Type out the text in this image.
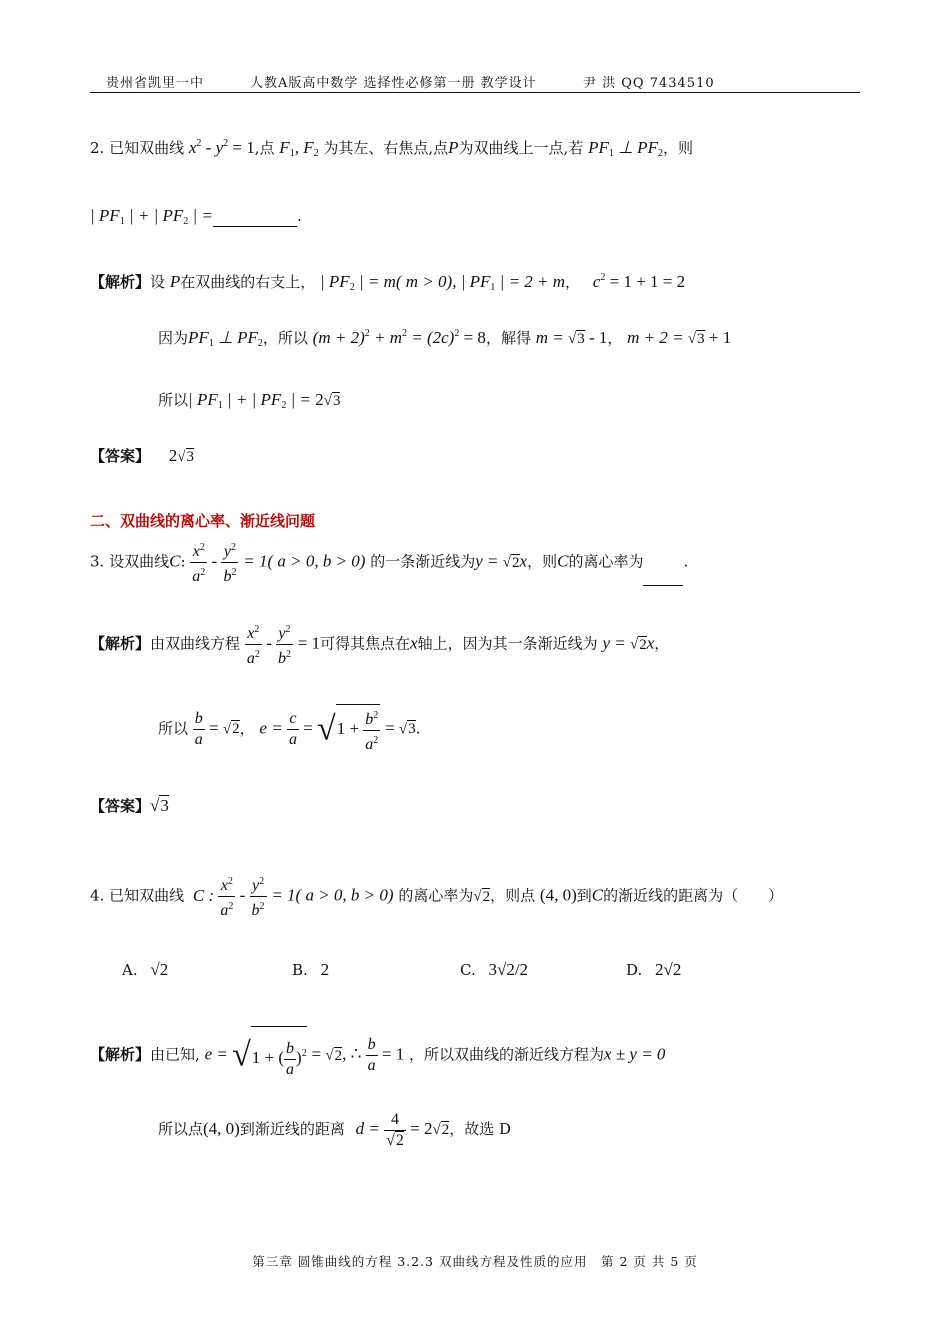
贵州省凯里一中	人教A版高中数学 选择性必修第一册 教学设计	尹 洪 QQ 7434510
2. 已知双曲线 $x^2 - y^2 = 1$,点 $F_1$, $F_2$ 为其左、右焦点,点P为双曲线上一点,若 $PF_1$ ⊥ $PF_2$，则
| $PF_1$ | + | $PF_2$ | =	.
【解析】设 P在双曲线的右支上， | $PF_2$ | = m( m > 0), | $PF_1$ | = 2 + m， $c^2 = 1 + 1 = 2$
因为$PF_1$ ⊥ $PF_2$，所以 $(m + 2)^2 + m^2 = (2c)^2 = 8$，解得 m = √3 - 1， m + 2 = √3 + 1
所以| $PF_1$ | + | $PF_2$ | = 2√3
【答案】 2√3
二、双曲线的离心率、渐近线问题
3. 设双曲线C: $\frac{x^2}{a^2} - \frac{y^2}{b^2} = 1$( a > 0, b > 0) 的一条渐近线为y = √2x，则C的离心率为	.
【解析】由双曲线方程 $\frac{x^2}{a^2} - \frac{y^2}{b^2} = 1$可得其焦点在x轴上，因为其一条渐近线为 y = √2x，
所以 $\frac{b}{a} = √2$， $e = \frac{c}{a} = √1 + \frac{b^2}{a^2} = √3$.
【答案】√3
4. 已知双曲线 C : $\frac{x^2}{a^2} - \frac{y^2}{b^2} = 1$( a > 0, b > 0) 的离心率为√2，则点 (4, 0)到C的渐近线的距离为（　　）
A. √2	B. 2	C. 3√2/2	D. 2√2
【解析】由已知, e = √1 + ( $\frac{b}{a} )^2 = √2$, ∴ $\frac{b}{a} = 1$ ，所以双曲线的渐近线方程为x ± y = 0
所以点(4, 0)到渐近线的距离 $d = \frac{4}{√2} = 2√2$，故选 D
第三章 圆锥曲线的方程 3.2.3 双曲线方程及性质的应用　第 2 页 共 5 页
